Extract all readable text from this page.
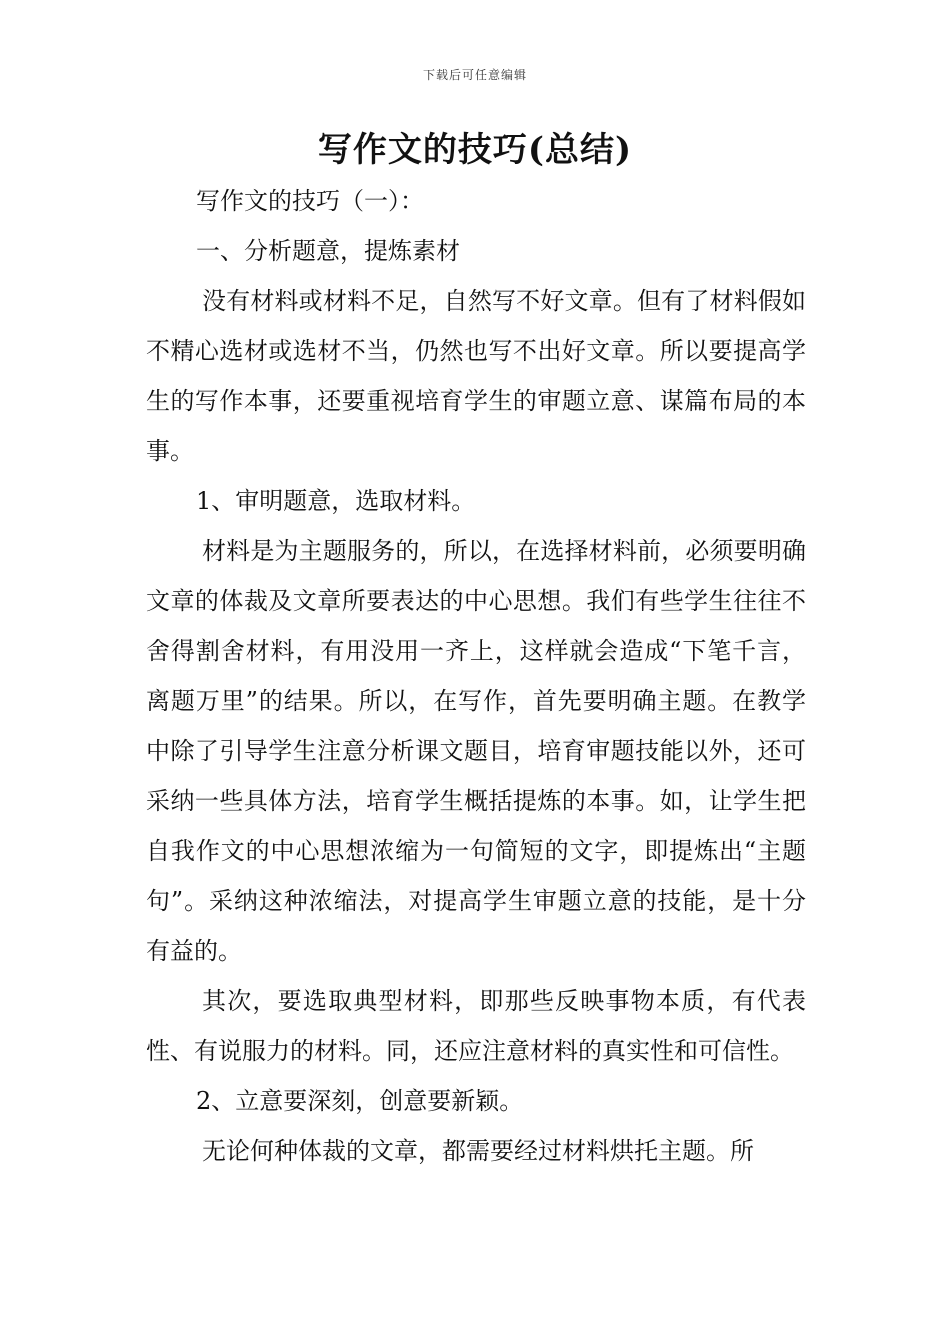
下载后可任意编辑
写作文的技巧(总结)

写作文的技巧（一）：

一、分析题意，提炼素材

没有材料或材料不足，自然写不好文章。但有了材料假如不精心选材或选材不当，仍然也写不出好文章。所以要提高学生的写作本事，还要重视培育学生的审题立意、谋篇布局的本事。

1、审明题意，选取材料。

材料是为主题服务的，所以，在选择材料前，必须要明确文章的体裁及文章所要表达的中心思想。我们有些学生往往不舍得割舍材料，有用没用一齐上，这样就会造成“下笔千言，离题万里”的结果。所以，在写作，首先要明确主题。在教学中除了引导学生注意分析课文题目，培育审题技能以外，还可采纳一些具体方法，培育学生概括提炼的本事。如，让学生把自我作文的中心思想浓缩为一句简短的文字，即提炼出“主题句”。采纳这种浓缩法，对提高学生审题立意的技能，是十分有益的。

其次，要选取典型材料，即那些反映事物本质，有代表性、有说服力的材料。同，还应注意材料的真实性和可信性。

2、立意要深刻，创意要新颖。

无论何种体裁的文章，都需要经过材料烘托主题。所
